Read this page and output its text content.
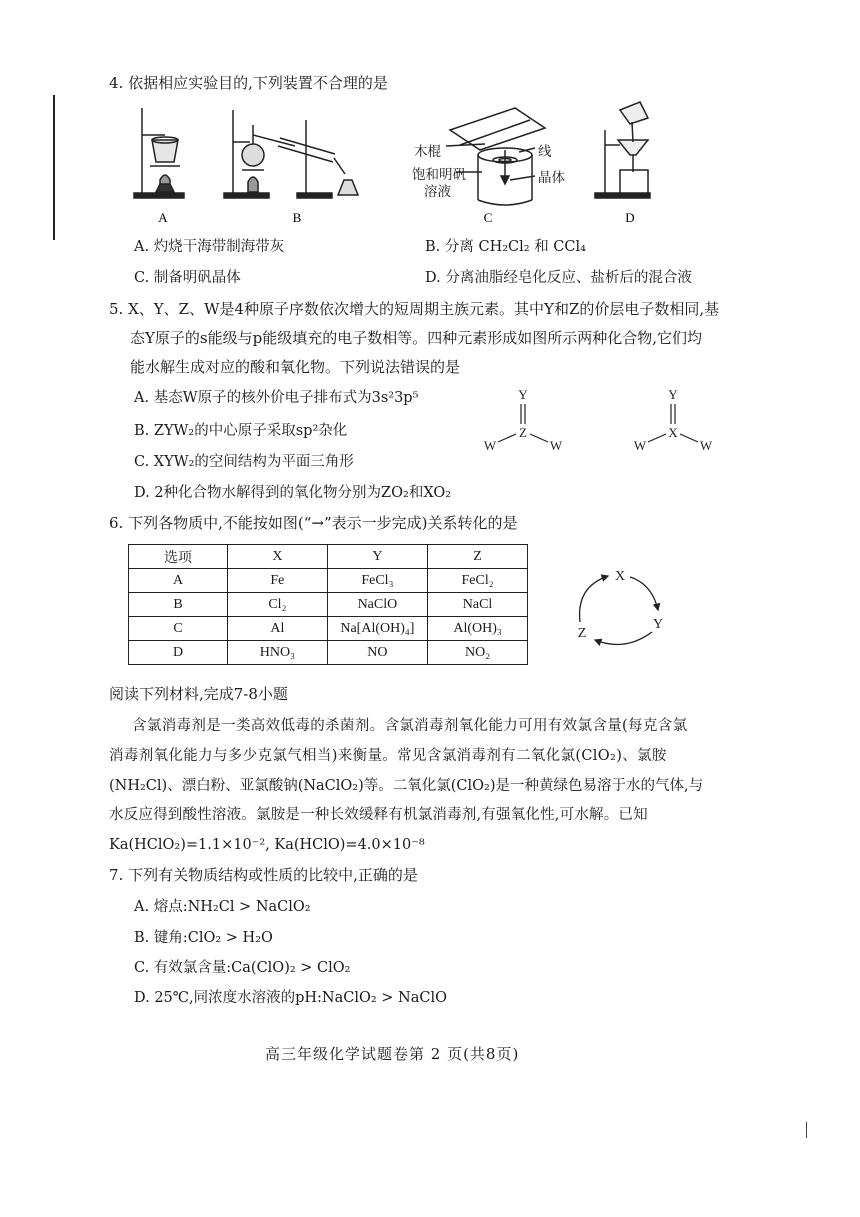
4. 依据相应实验目的,下列装置不合理的是
A	B	C	D
木棍	线
饱和明矾
溶液
晶体
A. 灼烧干海带制海带灰	B. 分离 CH₂Cl₂ 和 CCl₄
C. 制备明矾晶体	D. 分离油脂经皂化反应、盐析后的混合液
5. X、Y、Z、W是4种原子序数依次增大的短周期主族元素。其中Y和Z的价层电子数相同,基
态Y原子的s能级与p能级填充的电子数相等。四种元素形成如图所示两种化合物,它们均
能水解生成对应的酸和氧化物。下列说法错误的是
A. 基态W原子的核外价电子排布式为3s²3p⁵
B. ZYW₂的中心原子采取sp²杂化
C. XYW₂的空间结构为平面三角形
D. 2种化合物水解得到的氧化物分别为ZO₂和XO₂
Y
Z
W	W
Y
X
W	W
6. 下列各物质中,不能按如图(“→”表示一步完成)关系转化的是
选项	X	Y	Z
A	Fe	FeCl₃	FeCl₂
B	Cl₂	NaClO	NaCl
C	Al	Na[Al(OH)₄]	Al(OH)₃
D	HNO₃	NO	NO₂
X
Y
Z
阅读下列材料,完成7-8小题
含氯消毒剂是一类高效低毒的杀菌剂。含氯消毒剂氧化能力可用有效氯含量(每克含氯
消毒剂氧化能力与多少克氯气相当)来衡量。常见含氯消毒剂有二氧化氯(ClO₂)、氯胺
(NH₂Cl)、漂白粉、亚氯酸钠(NaClO₂)等。二氧化氯(ClO₂)是一种黄绿色易溶于水的气体,与
水反应得到酸性溶液。氯胺是一种长效缓释有机氯消毒剂,有强氧化性,可水解。已知
Ka(HClO₂)=1.1×10⁻², Ka(HClO)=4.0×10⁻⁸
7. 下列有关物质结构或性质的比较中,正确的是
A. 熔点:NH₂Cl > NaClO₂
B. 键角:ClO₂ > H₂O
C. 有效氯含量:Ca(ClO)₂ > ClO₂
D. 25℃,同浓度水溶液的pH:NaClO₂ > NaClO
高三年级化学试题卷第 2 页(共8页)
